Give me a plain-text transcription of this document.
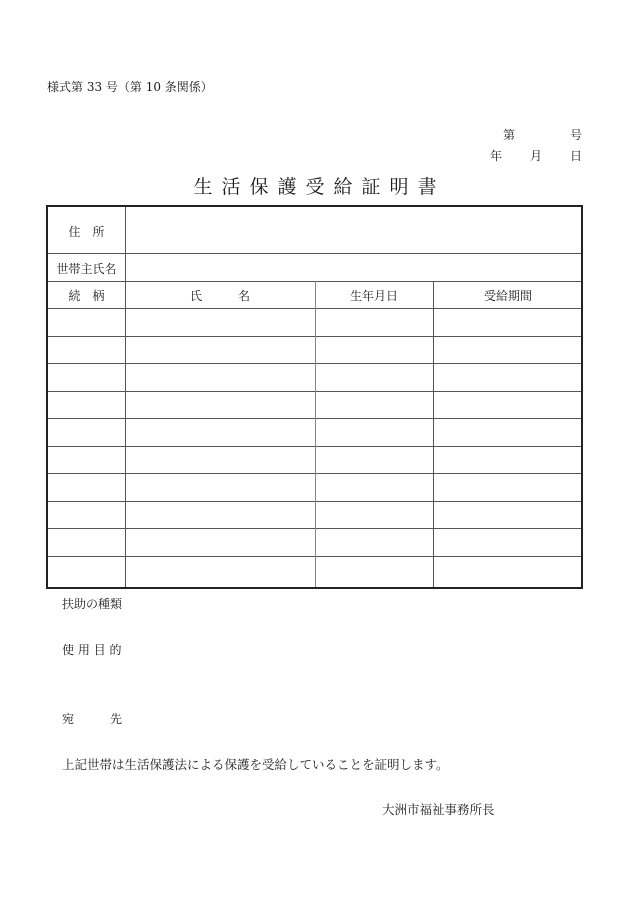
様式第 33 号（第 10 条関係）
第	号
年 月 日
生活保護受給証明書
住　所
世帯主氏名
続　柄	氏　　　名	生年月日	受給期間
扶助の種類
使 用 目 的
宛　　　先
上記世帯は生活保護法による保護を受給していることを証明します。
大洲市福祉事務所長
